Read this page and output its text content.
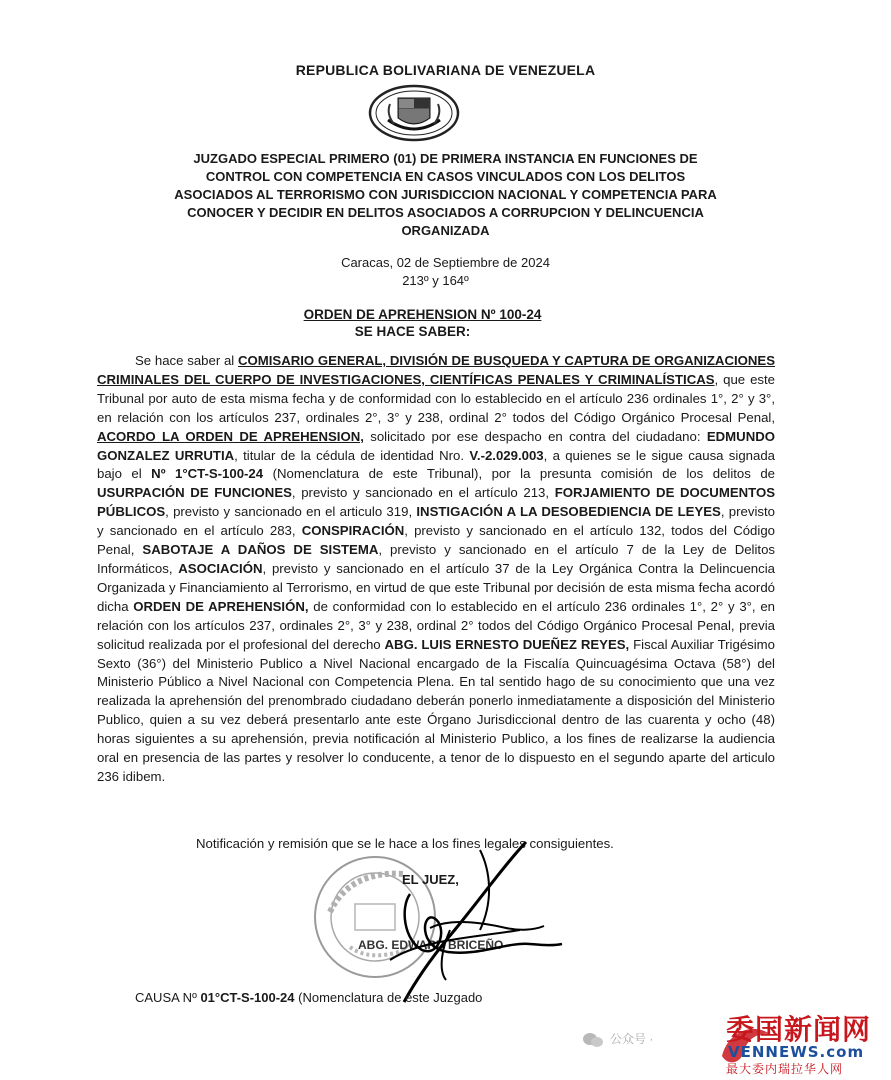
REPUBLICA BOLIVARIANA DE VENEZUELA
JUZGADO ESPECIAL PRIMERO (01) DE PRIMERA INSTANCIA EN FUNCIONES DE
CONTROL CON COMPETENCIA EN CASOS VINCULADOS CON LOS DELITOS
ASOCIADOS AL TERRORISMO CON JURISDICCION NACIONAL Y COMPETENCIA PARA
CONOCER Y DECIDIR EN DELITOS ASOCIADOS A CORRUPCION Y DELINCUENCIA
ORGANIZADA
Caracas, 02 de Septiembre de 2024
213º y 164º
ORDEN DE APREHENSION Nº 100-24
SE HACE SABER:
Se hace saber al COMISARIO GENERAL, DIVISIÓN DE BUSQUEDA Y CAPTURA DE ORGANIZACIONES CRIMINALES DEL CUERPO DE INVESTIGACIONES, CIENTÍFICAS PENALES Y CRIMINALÍSTICAS, que este Tribunal por auto de esta misma fecha y de conformidad con lo establecido en el artículo 236 ordinales 1°, 2° y 3°, en relación con los artículos 237, ordinales 2°, 3° y 238, ordinal 2° todos del Código Orgánico Procesal Penal, ACORDO LA ORDEN DE APREHENSION, solicitado por ese despacho en contra del ciudadano: EDMUNDO GONZALEZ URRUTIA, titular de la cédula de identidad Nro. V.-2.029.003, a quienes se le sigue causa signada bajo el Nº 1°CT-S-100-24 (Nomenclatura de este Tribunal), por la presunta comisión de los delitos de USURPACIÓN DE FUNCIONES, previsto y sancionado en el artículo 213, FORJAMIENTO DE DOCUMENTOS PÚBLICOS, previsto y sancionado en el articulo 319, INSTIGACIÓN A LA DESOBEDIENCIA DE LEYES, previsto y sancionado en el artículo 283, CONSPIRACIÓN, previsto y sancionado en el artículo 132, todos del Código Penal, SABOTAJE A DAÑOS DE SISTEMA, previsto y sancionado en el artículo 7 de la Ley de Delitos Informáticos, ASOCIACIÓN, previsto y sancionado en el artículo 37 de la Ley Orgánica Contra la Delincuencia Organizada y Financiamiento al Terrorismo, en virtud de que este Tribunal por decisión de esta misma fecha acordó dicha ORDEN DE APREHENSIÓN, de conformidad con lo establecido en el artículo 236 ordinales 1°, 2° y 3°, en relación con los artículos 237, ordinales 2°, 3° y 238, ordinal 2° todos del Código Orgánico Procesal Penal, previa solicitud realizada por el profesional del derecho ABG. LUIS ERNESTO DUEÑEZ REYES, Fiscal Auxiliar Trigésimo Sexto (36°) del Ministerio Publico a Nivel Nacional encargado de la Fiscalía Quincuagésima Octava (58°) del Ministerio Público a Nivel Nacional con Competencia Plena. En tal sentido hago de su conocimiento que una vez realizada la aprehensión del prenombrado ciudadano deberán ponerlo inmediatamente a disposición del Ministerio Publico, quien a su vez deberá presentarlo ante este Órgano Jurisdiccional dentro de las cuarenta y ocho (48) horas siguientes a su aprehensión, previa notificación al Ministerio Publico, a los fines de realizarse la audiencia oral en presencia de las partes y resolver lo conducente, a tenor de lo dispuesto en el segundo aparte del articulo 236 idibem.
Notificación y remisión que se le hace a los fines legales consiguientes.
EL JUEZ,
ABG. EDWARD BRICEÑO
CAUSA Nº 01°CT-S-100-24 (Nomenclatura de este Juzgado
公众号 ·	委国新闻网
VENNEWS.com
最大委内瑞拉华人网
